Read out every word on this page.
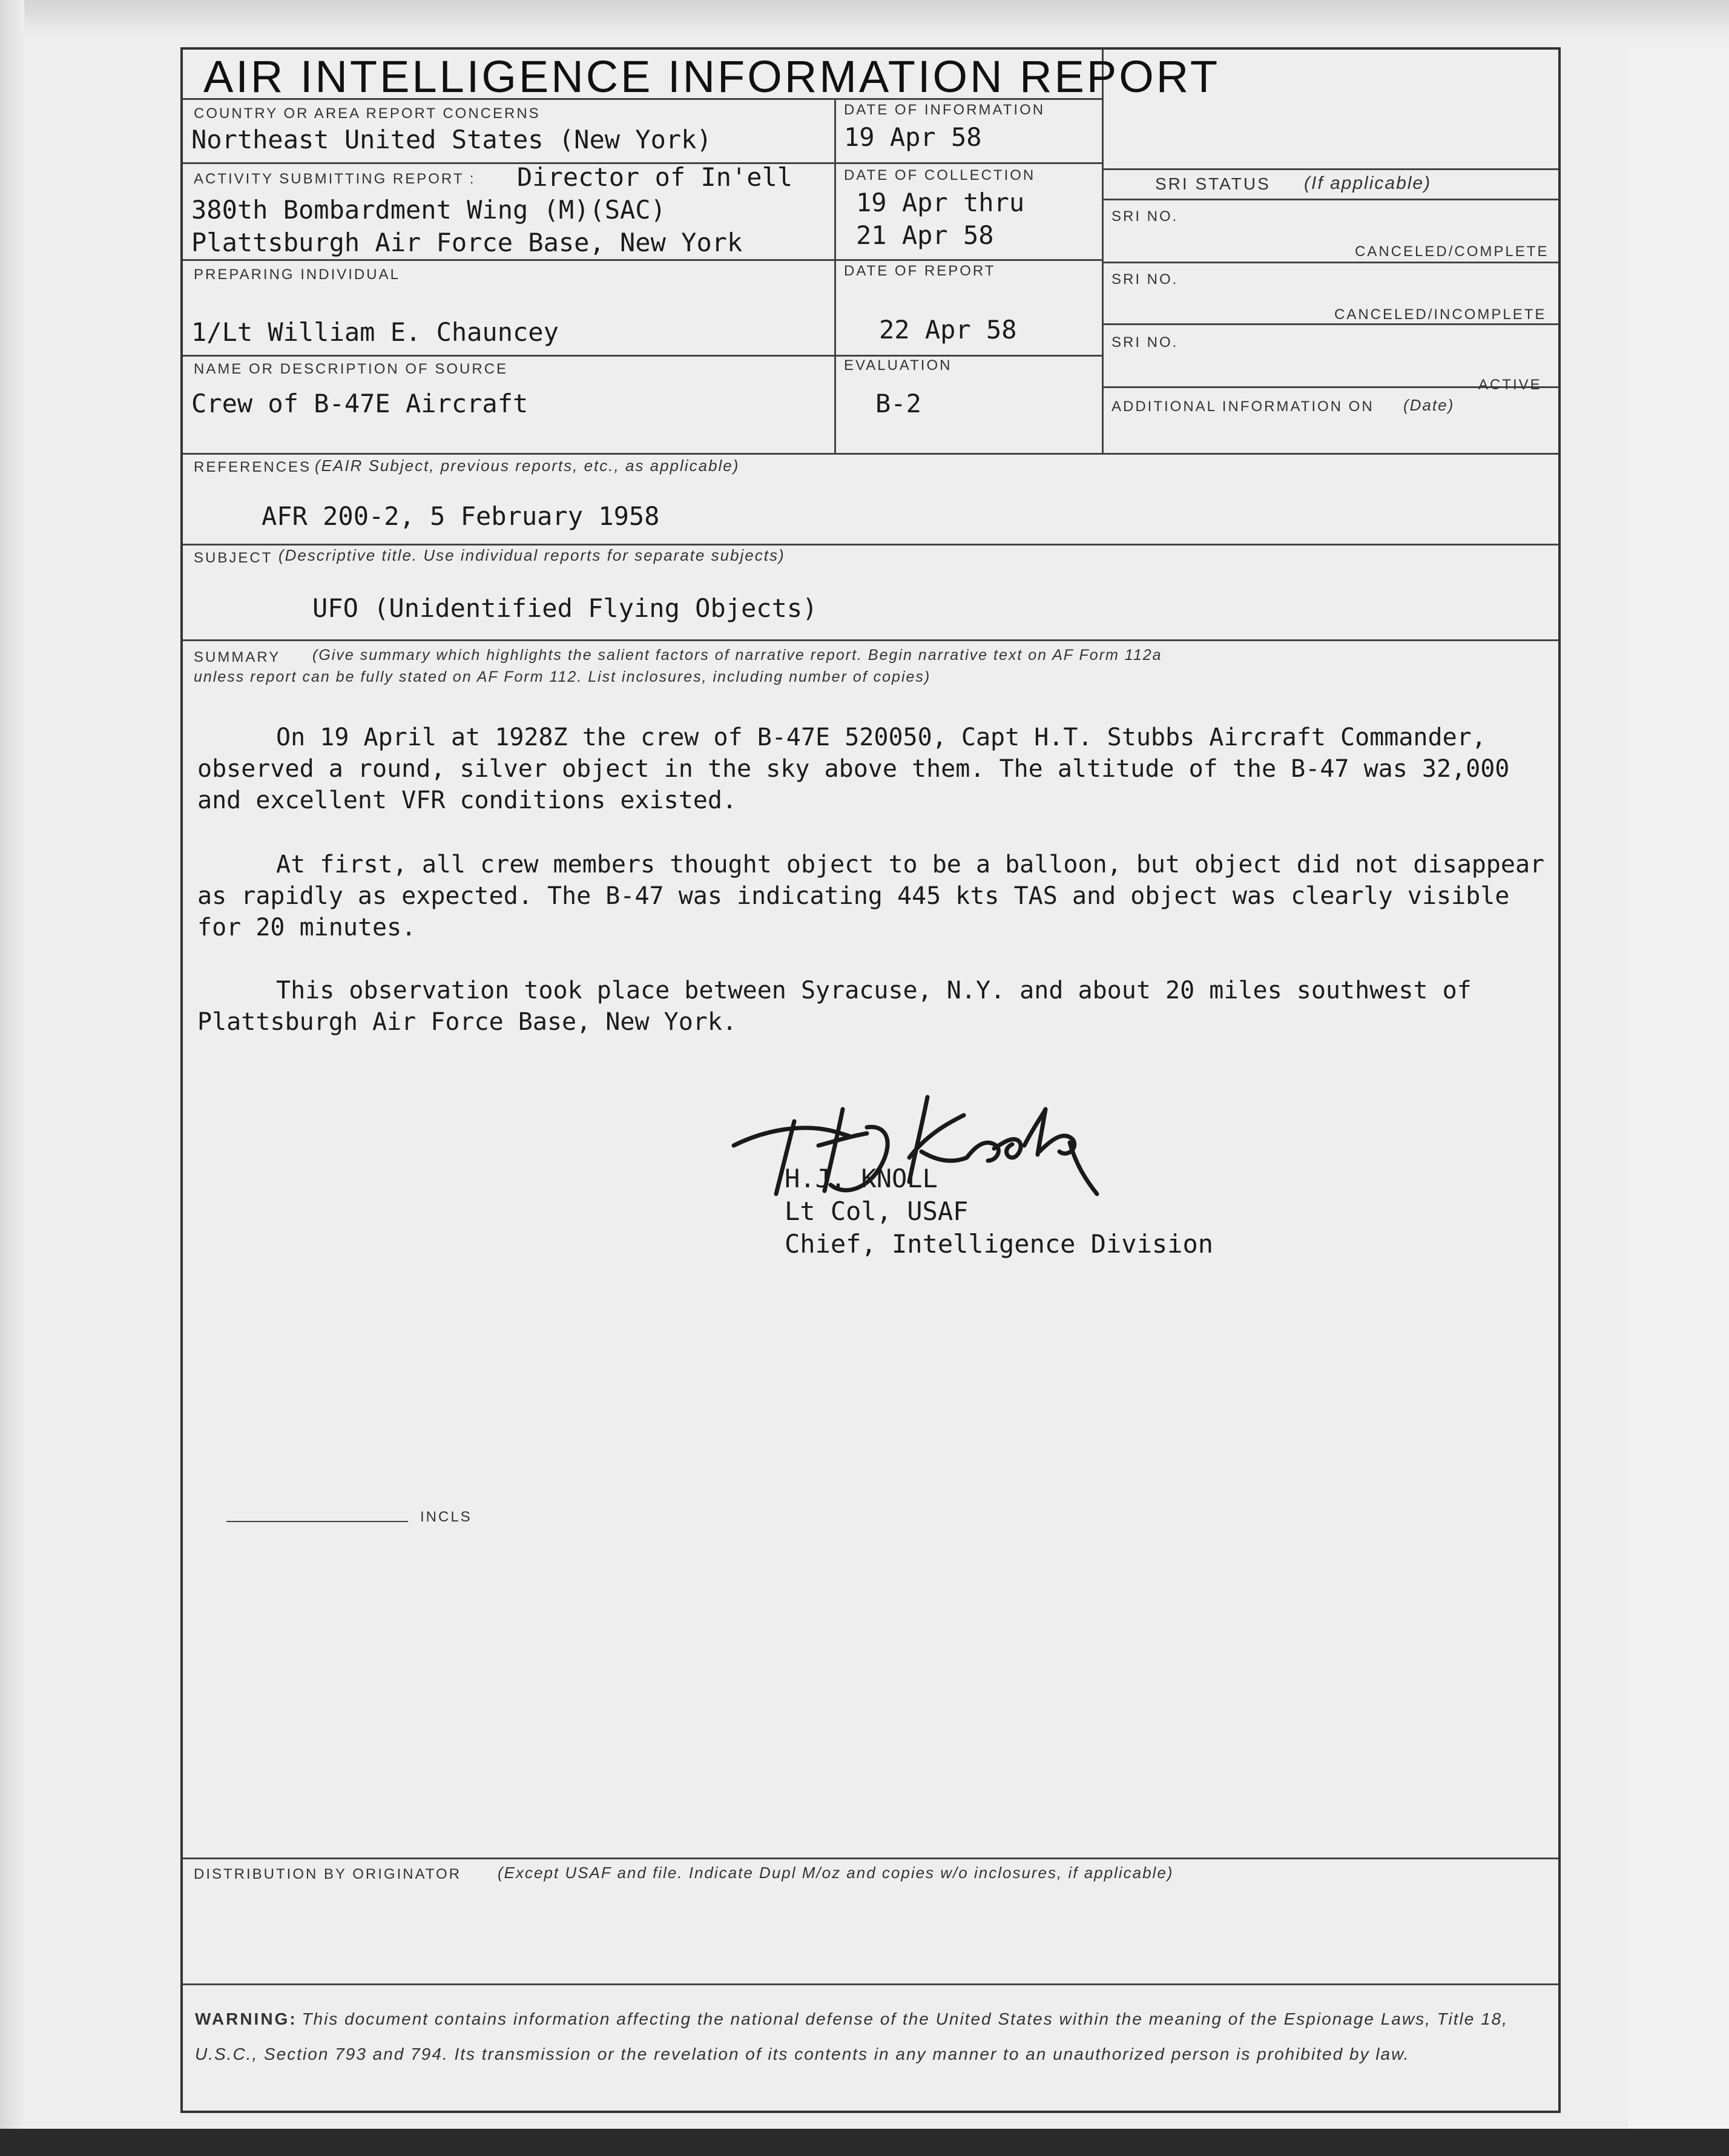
AIR INTELLIGENCE INFORMATION REPORT
COUNTRY OR AREA REPORT CONCERNS
Northeast United States (New York)
DATE OF INFORMATION
19 Apr 58
ACTIVITY SUBMITTING REPORT : Director of In'ell
380th Bombardment Wing (M)(SAC)
Plattsburgh Air Force Base, New York
DATE OF COLLECTION
19 Apr thru
21 Apr 58
PREPARING INDIVIDUAL
1/Lt William E. Chauncey
DATE OF REPORT
22 Apr 58
NAME OR DESCRIPTION OF SOURCE
Crew of B-47E Aircraft
EVALUATION
B-2
SRI STATUS (If applicable)
SRI NO.
CANCELED/COMPLETE
SRI NO.
CANCELED/INCOMPLETE
SRI NO.
ACTIVE
ADDITIONAL INFORMATION ON (Date)
REFERENCES (EAIR Subject, previous reports, etc., as applicable)
AFR 200-2, 5 February 1958
SUBJECT (Descriptive title. Use individual reports for separate subjects)
UFO (Unidentified Flying Objects)
SUMMARY (Give summary which highlights the salient factors of narrative report. Begin narrative text on AF Form 112a
unless report can be fully stated on AF Form 112. List inclosures, including number of copies)

On 19 April at 1928Z the crew of B-47E 520050, Capt H.T. Stubbs Aircraft Commander, observed a round, silver object in the sky above them. The altitude of the B-47 was 32,000 and excellent VFR conditions existed.

At first, all crew members thought object to be a balloon, but object did not disappear as rapidly as expected. The B-47 was indicating 445 kts TAS and object was clearly visible for 20 minutes.

This observation took place between Syracuse, N.Y. and about 20 miles southwest of Plattsburgh Air Force Base, New York.

H.J. KNOLL
Lt Col, USAF
Chief, Intelligence Division
INCLS
DISTRIBUTION BY ORIGINATOR (Except USAF and file. Indicate Dupl M/oz and copies w/o inclosures, if applicable)

WARNING: This document contains information affecting the national defense of the United States within the meaning of the Espionage Laws, Title 18, U.S.C., Section 793 and 794. Its transmission or the revelation of its contents in any manner to an unauthorized person is prohibited by law.
